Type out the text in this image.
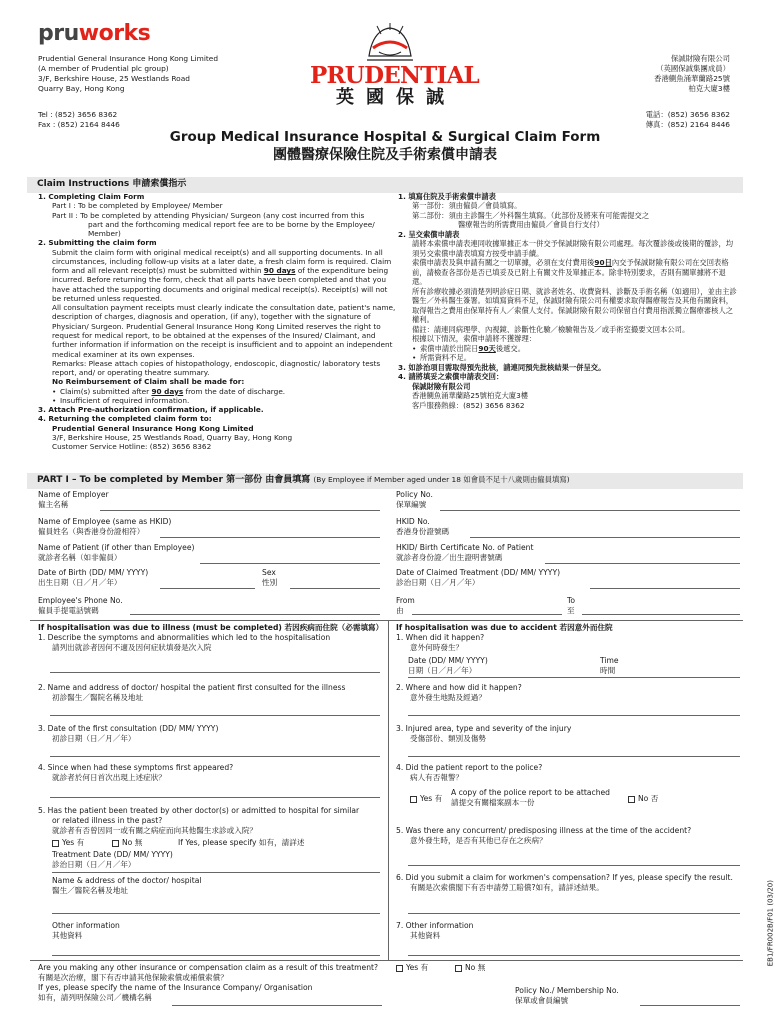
pruworks
Prudential General Insurance Hong Kong Limited
(A member of Prudential plc group)
3/F, Berkshire House, 25 Westlands Road
Quarry Bay, Hong Kong
Tel : (852) 3656 8362
Fax : (852) 2164 8446
PRUDENTIAL
英國保誠
保誠財險有限公司
（英國保誠集團成員）
香港鰂魚涌華蘭路25號
柏克大廈3樓
電話：(852) 3656 8362
傳真：(852) 2164 8446
Group Medical Insurance Hospital & Surgical Claim Form
團體醫療保險住院及手術索償申請表
Claim Instructions 申請索償指示

1. Completing Claim Form

Part I : To be completed by Employee/ Member

Part II : To be completed by attending Physician/ Surgeon (any cost incurred from this

part and the forthcoming medical report fee are to be borne by the Employee/

Member)

2. Submitting the claim form

Submit the claim form with original medical receipt(s) and all supporting documents. In all circumstances, including follow-up visits at a later date, a fresh claim form is required. Claim form and all relevant receipt(s) must be submitted within 90 days of the expenditure being incurred. Before returning the form, check that all parts have been completed and that you have attached the supporting documents and original medical receipt(s). Receipt(s) will not be returned unless requested.

All consultation payment receipts must clearly indicate the consultation date, patient's name, description of charges, diagnosis and operation, (if any), together with the signature of Physician/ Surgeon. Prudential General Insurance Hong Kong Limited reserves the right to request for medical report, to be obtained at the expenses of the Insured/ Claimant, and further information if information on the receipt is insufficient and to appoint an independent medical examiner at its own expenses.

Remarks: Please attach copies of histopathology, endoscopic, diagnostic/ laboratory tests report, and/ or operating theatre summary.

No Reimbursement of Claim shall be made for:

• Claim(s) submitted after 90 days from the date of discharge.

• Insufficient of required information.

3. Attach Pre-authorization confirmation, if applicable.

4. Returning the completed claim form to:

Prudential General Insurance Hong Kong Limited

3/F, Berkshire House, 25 Westlands Road, Quarry Bay, Hong Kong

Customer Service Hotline: (852) 3656 8362

1. 填寫住院及手術索償申請表

第一部份：須由僱員／會員填寫。

第二部份：須由主診醫生／外科醫生填寫。（此部份及將來有可能需提交之

醫療報告的所需費用由僱員／會員自行支付）

2. 呈交索償申請表

請將本索償申請表連同收據單據正本一併交予保誠財險有限公司處理。每次覆診後或後期的覆診，均須另交索償申請表填寫方按受申請手續。

索償申請表及與申請有關之一切單據，必須在支付費用後90日內交予保誠財險有限公司在交回表格前，請檢查各部份是否已填妥及已附上有關文件及單據正本。除非特別要求，否則有關單據將不退還。

所有診療收據必須清楚列明診症日期、就診者姓名、收費資料、診斷及手術名稱（如適用），並由主診醫生／外科醫生簽署。如填寫資料不足，保誠財險有限公司有權要求取得醫療報告及其他有關資料，取得報告之費用由保單持有人／索償人支付。保誠財險有限公司保留自付費用指派獨立醫療審核人之權利。

備註：請連同病理學、內視鏡、診斷性化驗／檢驗報告及／或手術室撮要文回本公司。

根據以下情況，索償申請將不獲辦理：

• 索償申請於出院日90天後遞交。

• 所需資料不足。

3. 如診治項目需取得預先批核，請連同預先批核結果一併呈交。

4. 請將填妥之索償申請表交回：

保誠財險有限公司

香港鰂魚涌華蘭路25號柏克大廈3樓

客戶服務熱線：(852) 3656 8362

PART I – To be completed by Member 第一部份 由會員填寫 (By Employee if Member aged under 18 如會員不足十八歲則由僱員填寫)
Name of Employer
僱主名稱
Policy No.
保單編號
Name of Employee (same as HKID)
僱員姓名（與香港身份證相符）
HKID No.
香港身份證號碼
Name of Patient (if other than Employee)
就診者名稱（如非僱員）
HKID/ Birth Certificate No. of Patient
就診者身份證／出生證明書號碼
Date of Birth (DD/ MM/ YYYY)
出生日期（日／月／年）
Sex
性別
Date of Claimed Treatment (DD/ MM/ YYYY)
診治日期（日／月／年）
Employee's Phone No.
僱員手提電話號碼
From
由
To
至
If hospitalisation was due to illness (must be completed) 若因疾病而住院（必需填寫）
1. Describe the symptoms and abnormalities which led to the hospitalisation
請列出就診者因何不適及因何症狀填發是次入院
2. Name and address of doctor/ hospital the patient first consulted for the illness
初診醫生／醫院名稱及地址
3. Date of the first consultation (DD/ MM/ YYYY)
初診日期（日／月／年）
4. Since when had these symptoms first appeared?
就診者於何日首次出現上述症狀？
5. Has the patient been treated by other doctor(s) or admitted to hospital for similar
or related illness in the past?
就診者有否曾因同一或有關之病症而向其他醫生求診或入院？
Yes 有	No 無	If Yes, please specify 如有，請詳述
Treatment Date (DD/ MM/ YYYY)
診治日期（日／月／年）
Name & address of the doctor/ hospital
醫生／醫院名稱及地址
Other information
其他資料
If hospitalisation was due to accident 若因意外而住院
1. When did it happen?
意外何時發生？
Date (DD/ MM/ YYYY)
日期（日／月／年）
Time
時間
2. Where and how did it happen?
意外發生地點及經過？
3. Injured area, type and severity of the injury
受傷部份、類別及傷勢
4. Did the patient report to the police?
病人有否報警？
Yes 有
A copy of the police report to be attached
請提交有關檔案副本一份	No 否
5. Was there any concurrent/ predisposing illness at the time of the accident?
意外發生時，是否有其他已存在之疾病？
6. Did you submit a claim for workmen's compensation? If yes, please specify the result.
有關是次索償閣下有否申請勞工賠償?如有，請詳述結果。
7. Other information
其他資料
Are you making any other insurance or compensation claim as a result of this treatment?
有關是次治療，閣下有否申請其他保險索償或補償索償？
If yes, please specify the name of the Insurance Company/ Organisation
如有，請列明保險公司／機構名稱
Yes 有	No 無
Policy No./ Membership No.
保單或會員編號
EB1/FR002B/F01 (03/20)
